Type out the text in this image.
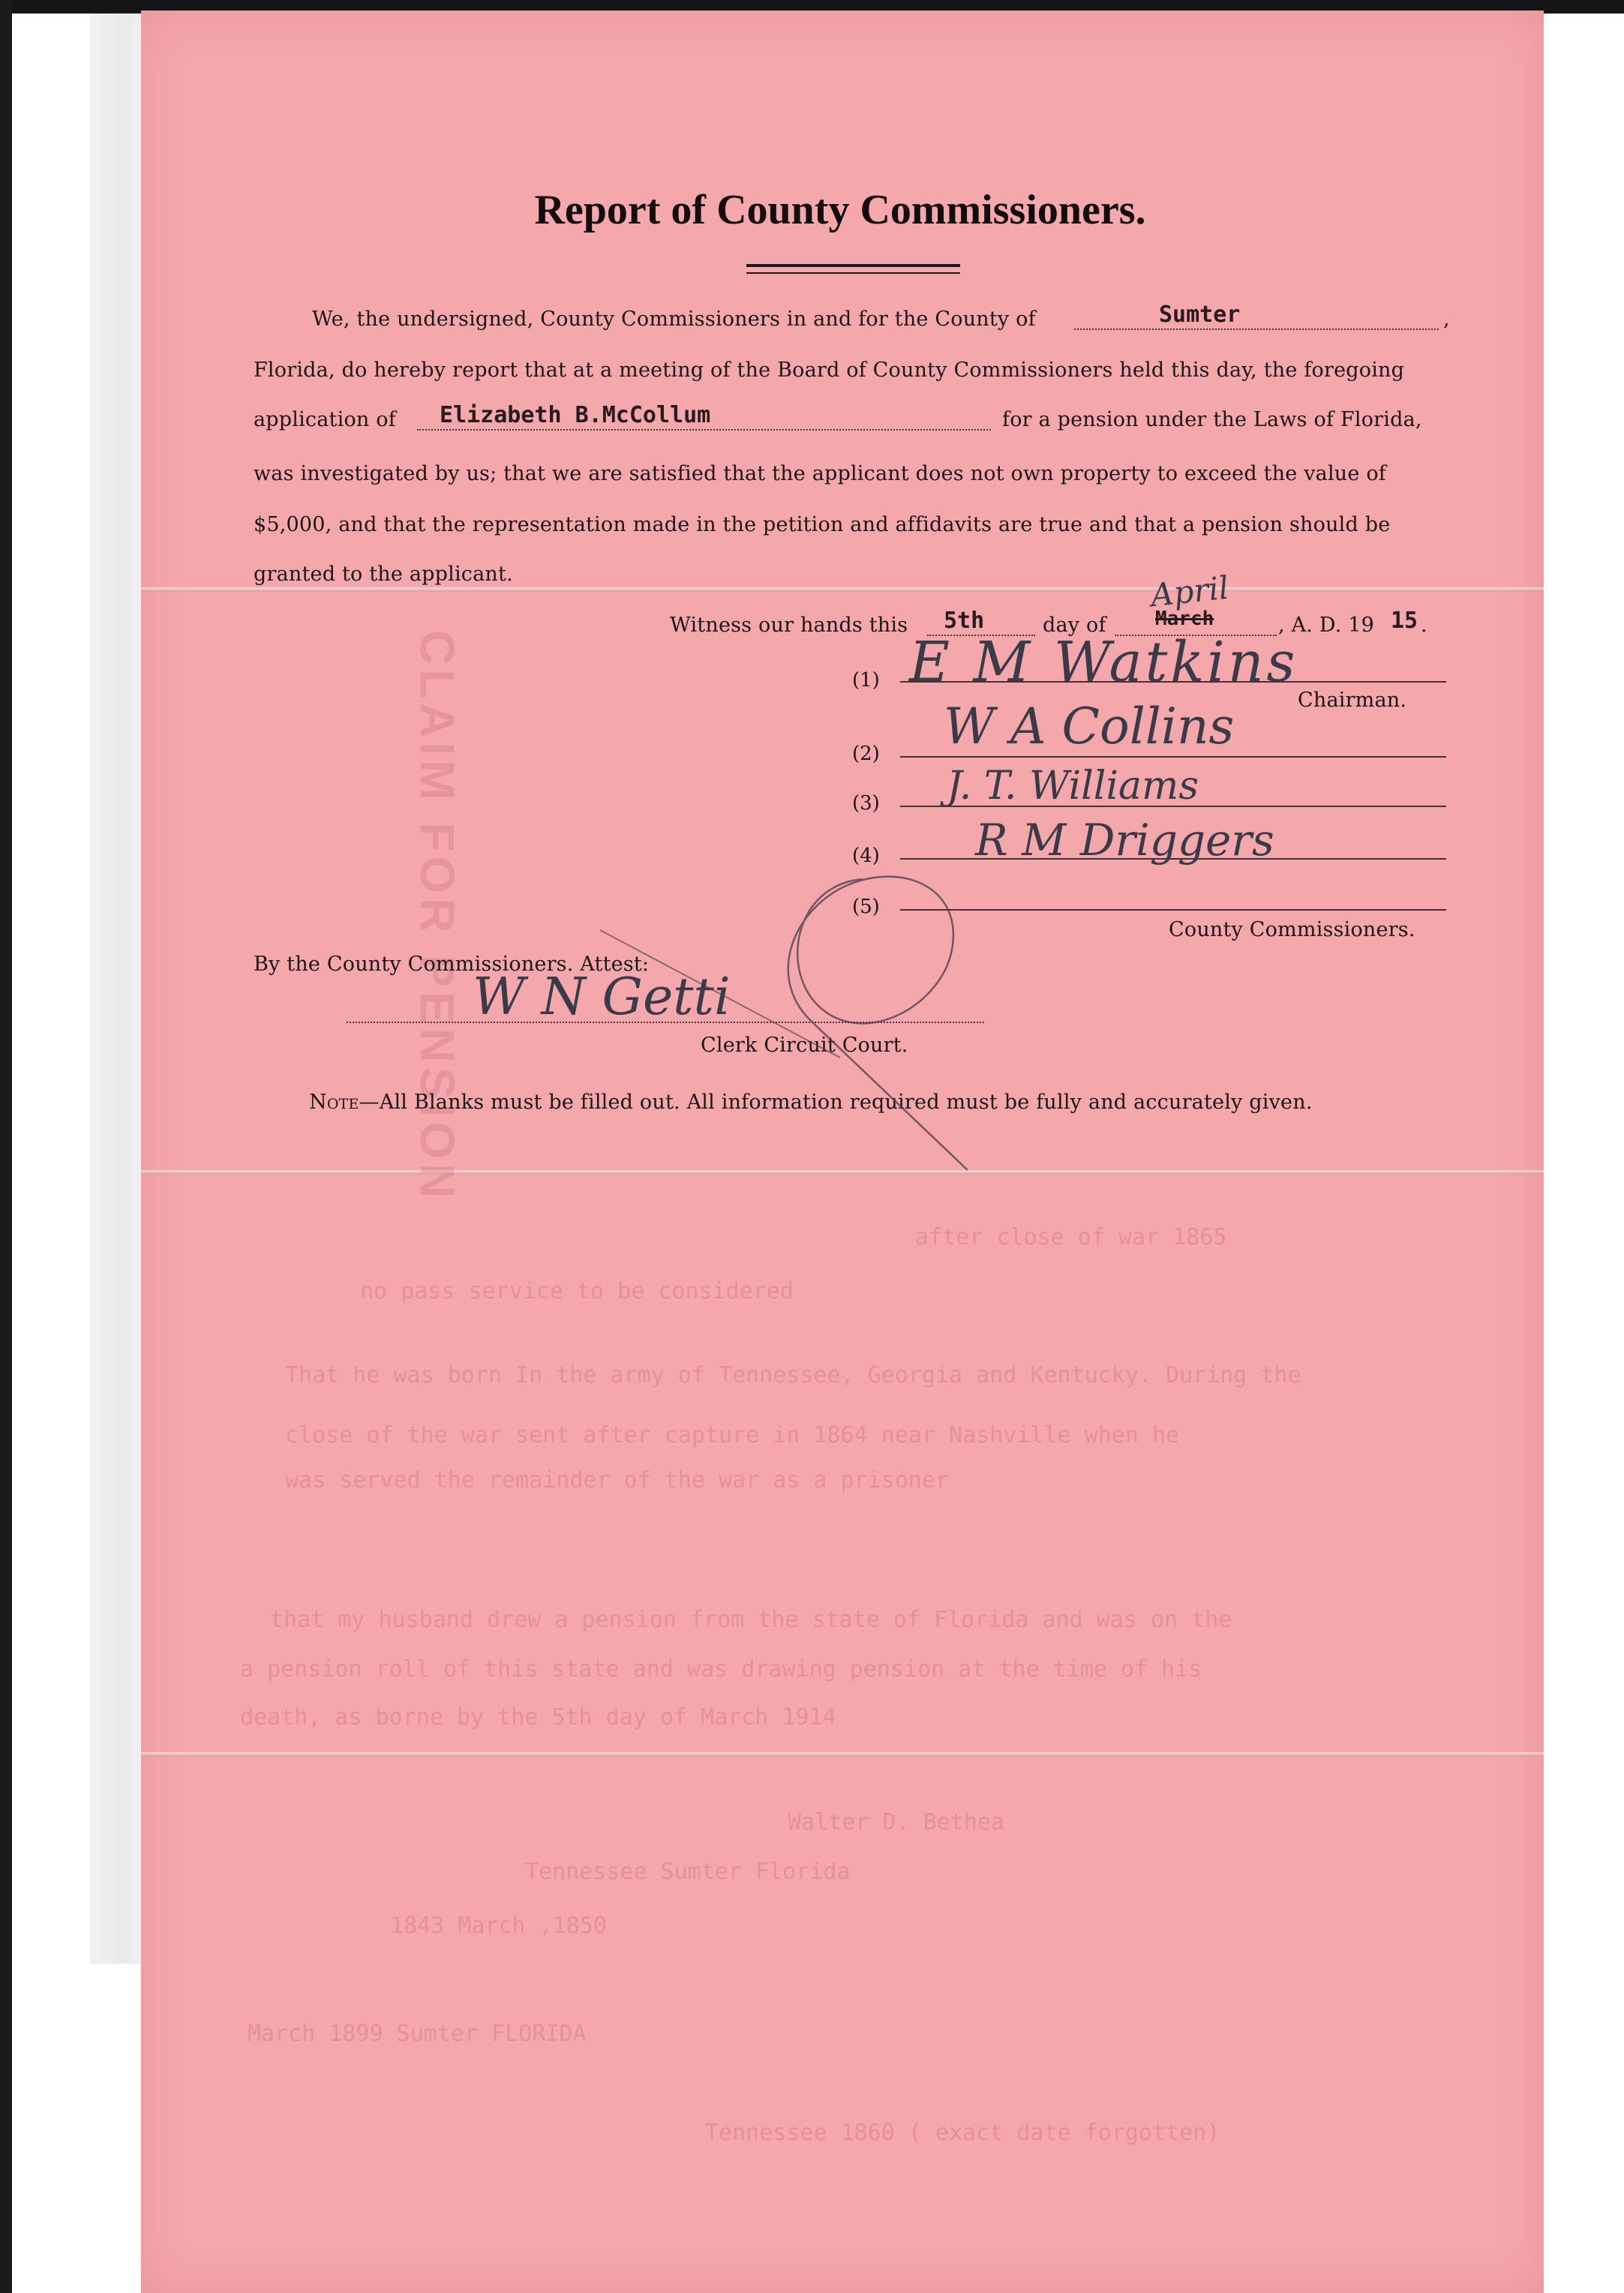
CLAIM FOR PENSION
after close of war 1865
no pass service to be considered
That he was born In the army of Tennessee, Georgia and Kentucky. During the
close of the war sent after capture in 1864 near Nashville when he
was served the remainder of the war as a prisoner
that my husband drew a pension from the state of Florida and was on the
a pension roll of this state and was drawing pension at the time of his
death, as borne by the 5th day of March 1914
Walter D. Bethea
Tennessee Sumter Florida
1843 March ,1850
March 1899 Sumter FLORIDA
Tennessee 1860 ( exact date forgotten)
Report of County Commissioners.
We, the undersigned, County Commissioners in and for the County of	Sumter	,
Florida, do hereby report that at a meeting of the Board of County Commissioners held this day, the foregoing
application of Elizabeth B.McCollum	for a pension under the Laws of Florida,
was investigated by us; that we are satisfied that the applicant does not own property to exceed the value of
$5,000, and that the representation made in the petition and affidavits are true and that a pension should be
granted to the applicant.
Witness our hands this 5th	day of	March
April
, A. D. 19 15 .
(1) E M Watkins
Chairman.
(2) W A Collins
(3) J. T. Williams
(4) R M Driggers
(5)
County Commissioners.
By the County Commissioners. Attest:
W N Getti
Clerk Circuit Court.
Note—All Blanks must be filled out. All information required must be fully and accurately given.
